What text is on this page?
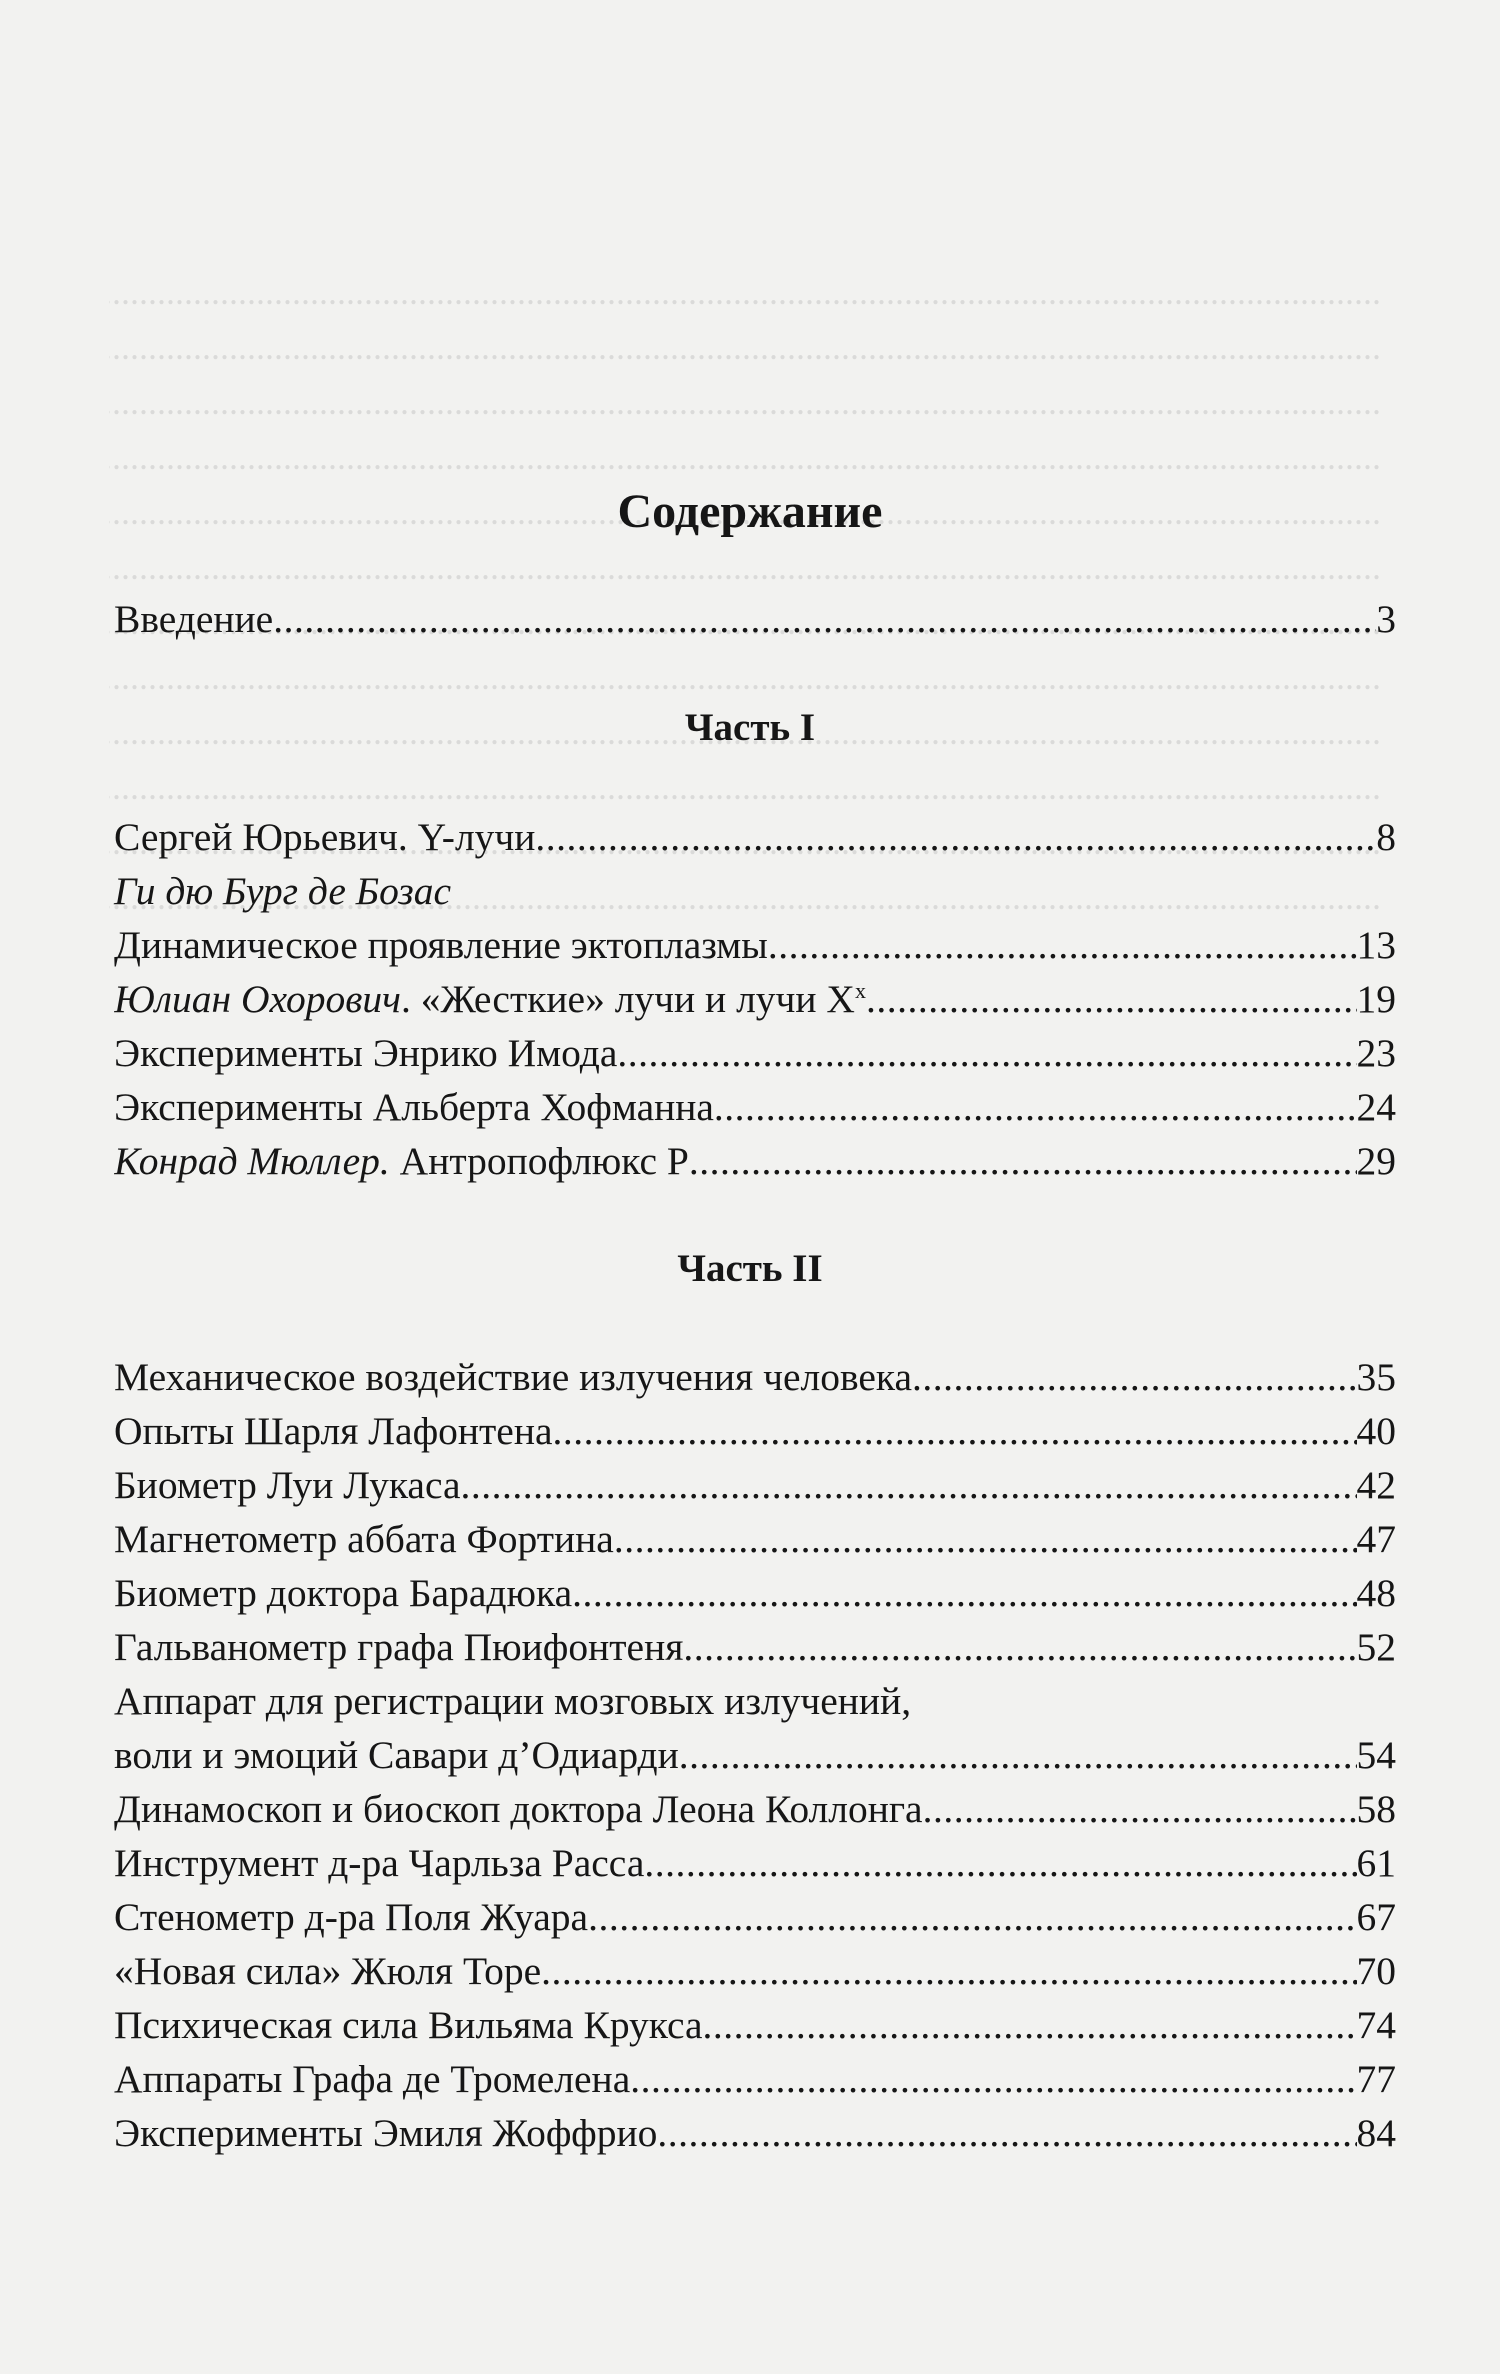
.....

.....

.....

.....

.....

.....

.....

.....

.....

.....

.....

.....

Содержание
Введение .....	3
Часть I
Сергей Юрьевич. Y-лучи .....	8
Ги дю Бург де Бозас
Динамическое проявление эктоплазмы .....	13
Юлиан Охорович. «Жесткие» лучи и лучи $X^x$ .....	19
Эксперименты Энрико Имода .....	23
Эксперименты Альберта Хофманна .....	24
Конрад Мюллер. Антропофлюкс P .....	29
Часть II
Механическое воздействие излучения человека .....	35
Опыты Шарля Лафонтена .....	40
Биометр Луи Лукаса .....	42
Магнетометр аббата Фортина .....	47
Биометр доктора Барадюка .....	48
Гальванометр графа Пюифонтеня .....	52
Аппарат для регистрации мозговых излучений,
воли и эмоций Савари д’Одиарди .....	54
Динамоскоп и биоскоп доктора Леона Коллонга .....	58
Инструмент д-ра Чарльза Расса .....	61
Стенометр д-ра Поля Жуара .....	67
«Новая сила» Жюля Торе .....	70
Психическая сила Вильяма Крукса .....	74
Аппараты Графа де Тромелена .....	77
Эксперименты Эмиля Жоффрио .....	84
